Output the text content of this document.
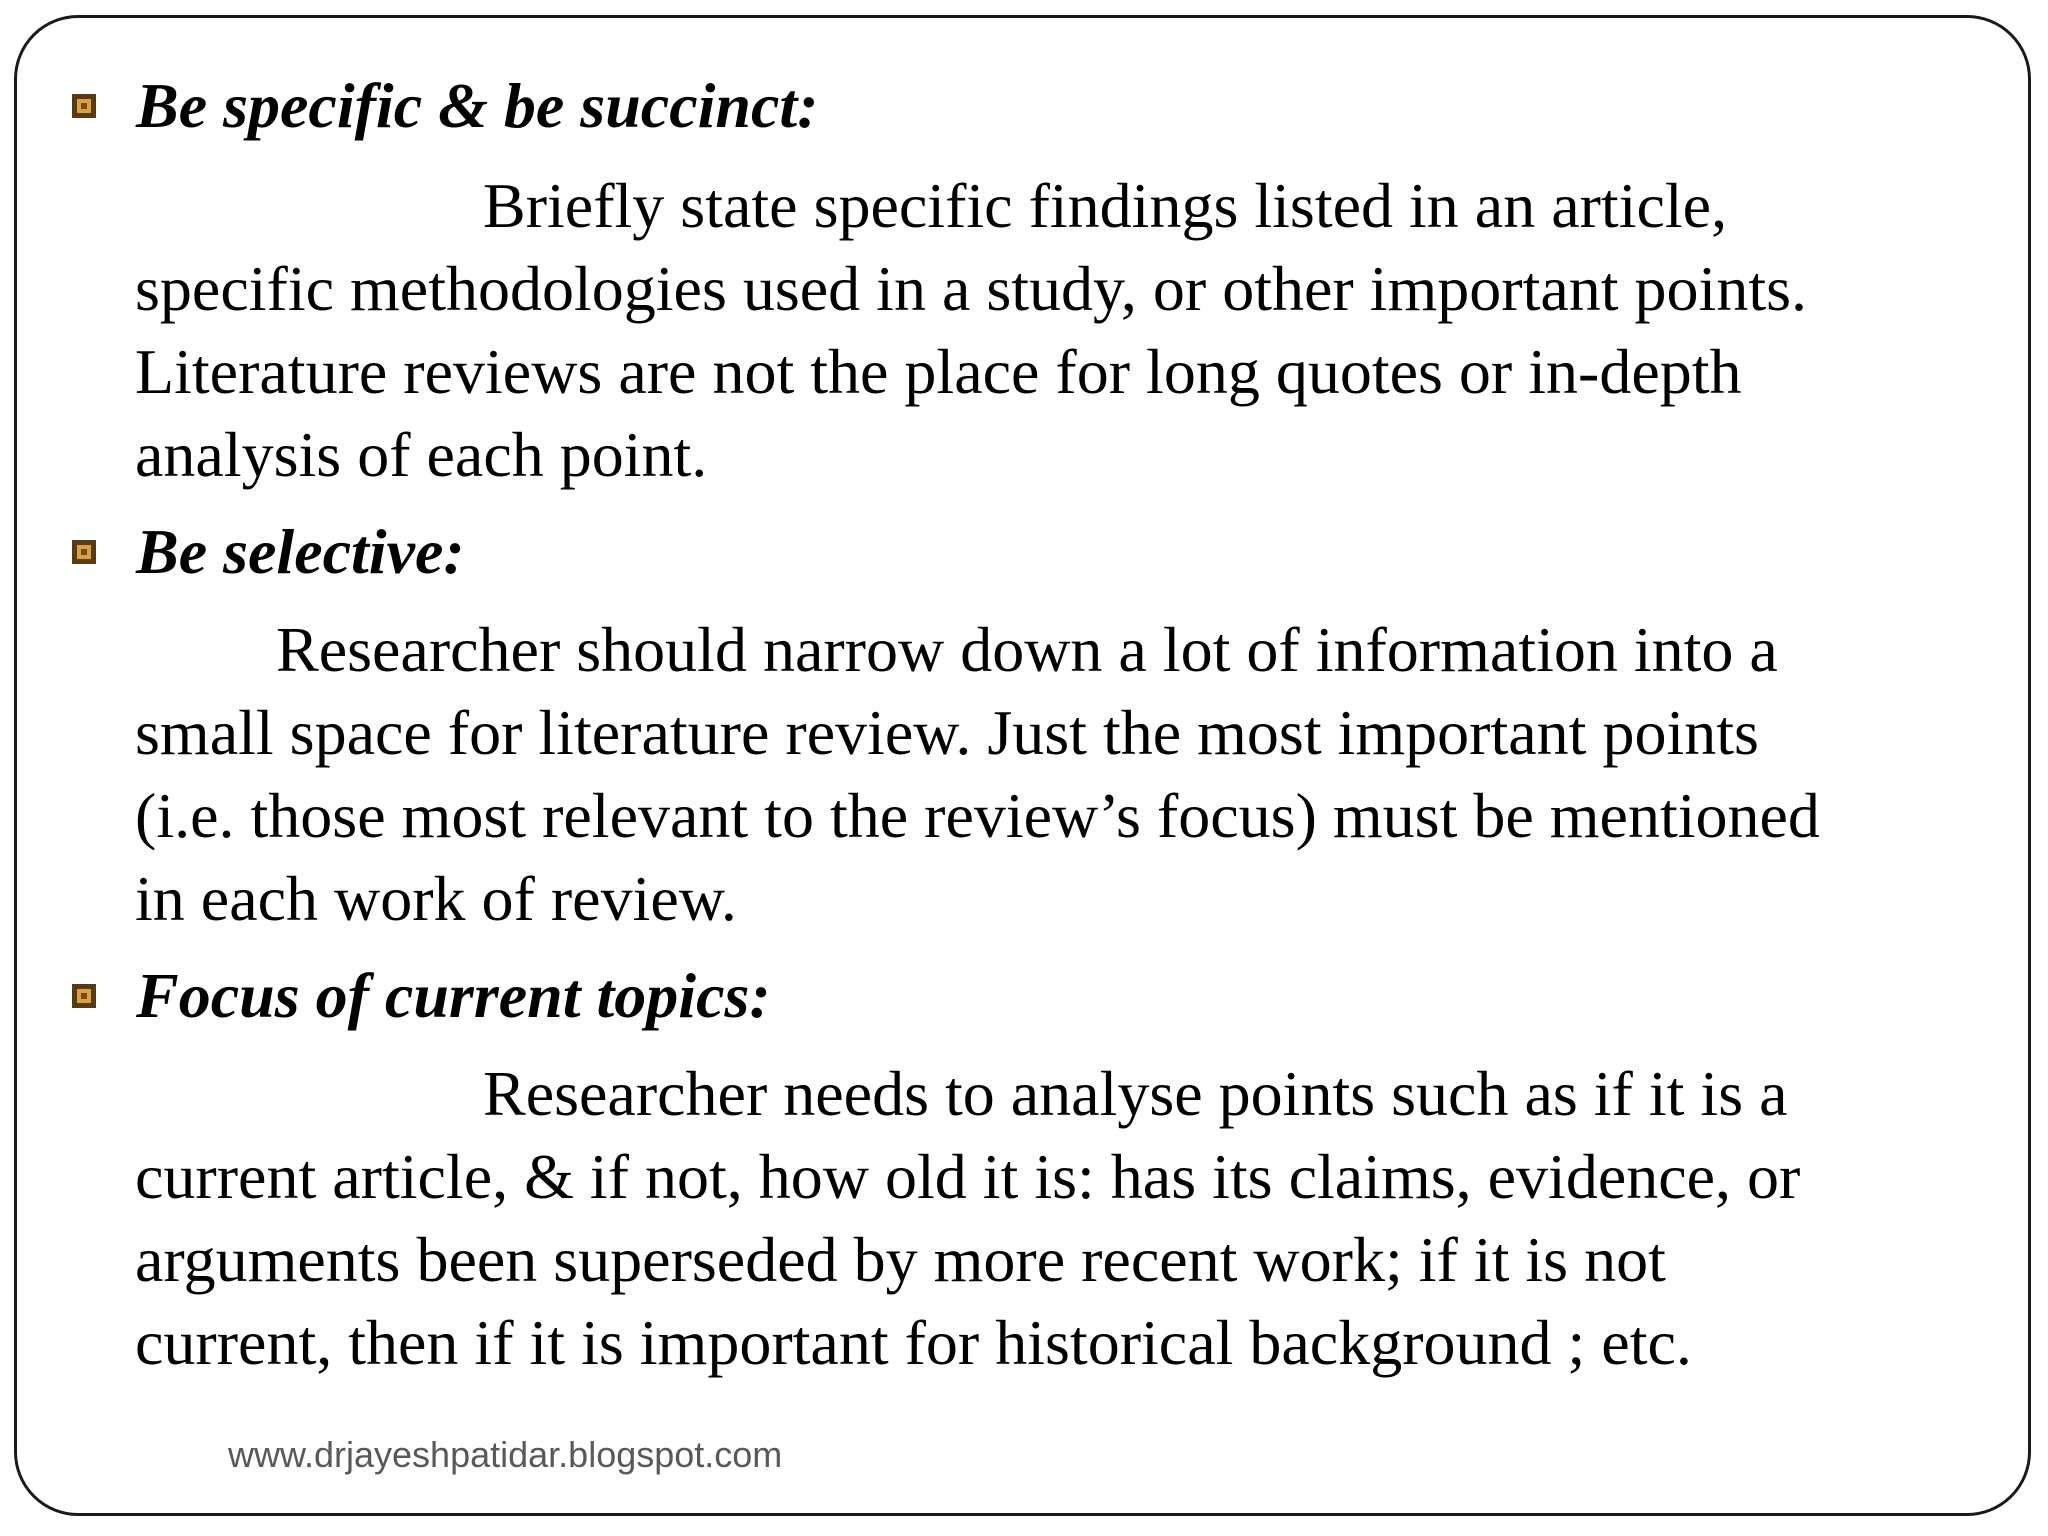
Be specific & be succinct:
Briefly state specific findings listed in an article,
specific methodologies used in a study, or other important points.
Literature reviews are not the place for long quotes or in-depth
analysis of each point.
Be selective:
Researcher should narrow down a lot of information into a
small space for literature review. Just the most important points
(i.e. those most relevant to the review’s focus) must be mentioned
in each work of review.
Focus of current topics:
Researcher needs to analyse points such as if it is a
current article, & if not, how old it is: has its claims, evidence, or
arguments been superseded by more recent work; if it is not
current, then if it is important for historical background ; etc.
www.drjayeshpatidar.blogspot.com
